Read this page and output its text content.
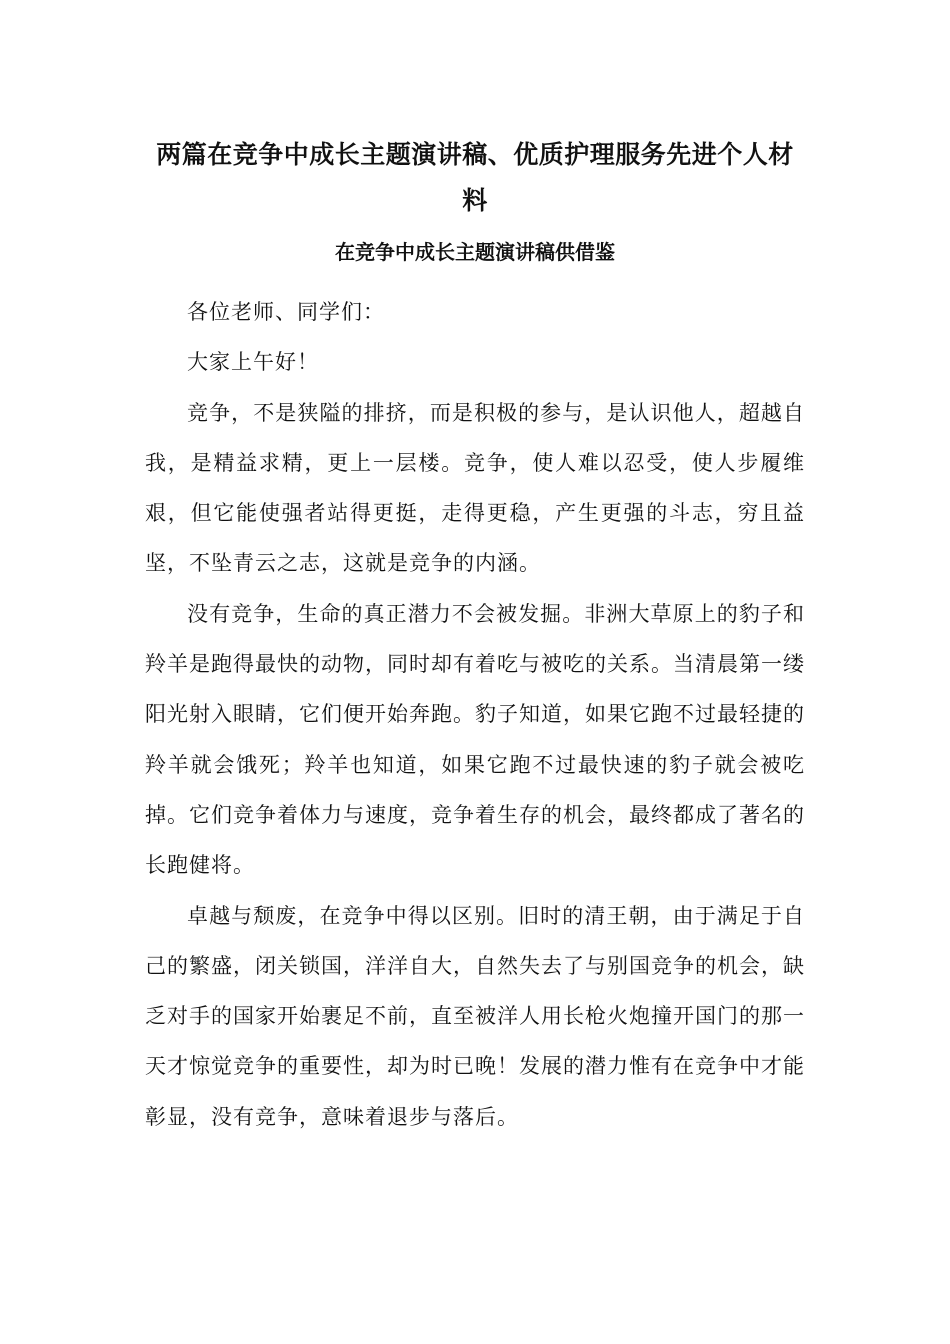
两篇在竞争中成长主题演讲稿、优质护理服务先进个人材料
在竞争中成长主题演讲稿供借鉴

各位老师、同学们：

大家上午好！

竞争，不是狭隘的排挤，而是积极的参与，是认识他人，超越自我，是精益求精，更上一层楼。竞争，使人难以忍受，使人步履维艰，但它能使强者站得更挺，走得更稳，产生更强的斗志，穷且益坚，不坠青云之志，这就是竞争的内涵。

没有竞争，生命的真正潜力不会被发掘。非洲大草原上的豹子和羚羊是跑得最快的动物，同时却有着吃与被吃的关系。当清晨第一缕阳光射入眼睛，它们便开始奔跑。豹子知道，如果它跑不过最轻捷的羚羊就会饿死；羚羊也知道，如果它跑不过最快速的豹子就会被吃掉。它们竞争着体力与速度，竞争着生存的机会，最终都成了著名的长跑健将。

卓越与颓废，在竞争中得以区别。旧时的清王朝，由于满足于自己的繁盛，闭关锁国，洋洋自大，自然失去了与别国竞争的机会，缺乏对手的国家开始裹足不前，直至被洋人用长枪火炮撞开国门的那一天才惊觉竞争的重要性，却为时已晚！发展的潜力惟有在竞争中才能彰显，没有竞争，意味着退步与落后。
